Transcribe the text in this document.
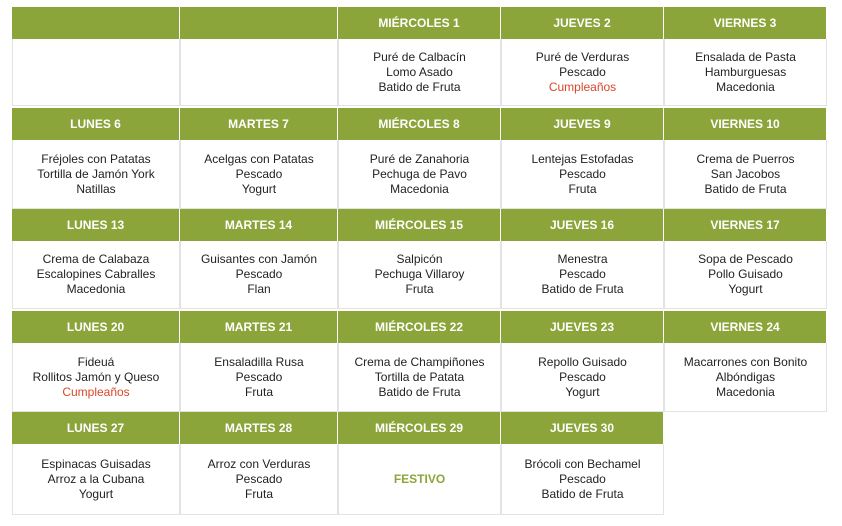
MIÉRCOLES 1
Puré de Calbacín
Lomo Asado
Batido de Fruta
JUEVES 2
Puré de Verduras
Pescado
Cumpleaños
VIERNES 3
Ensalada de Pasta
Hamburguesas
Macedonia
LUNES 6
Fréjoles con Patatas
Tortilla de Jamón York
Natillas
MARTES 7
Acelgas con Patatas
Pescado
Yogurt
MIÉRCOLES 8
Puré de Zanahoria
Pechuga de Pavo
Macedonia
JUEVES 9
Lentejas Estofadas
Pescado
Fruta
VIERNES 10
Crema de Puerros
San Jacobos
Batido de Fruta
LUNES 13
Crema de Calabaza
Escalopines Cabralles
Macedonia
MARTES 14
Guisantes con Jamón
Pescado
Flan
MIÉRCOLES 15
Salpicón
Pechuga Villaroy
Fruta
JUEVES 16
Menestra
Pescado
Batido de Fruta
VIERNES 17
Sopa de Pescado
Pollo Guisado
Yogurt
LUNES 20
Fideuá
Rollitos Jamón y Queso
Cumpleaños
MARTES 21
Ensaladilla Rusa
Pescado
Fruta
MIÉRCOLES 22
Crema de Champiñones
Tortilla de Patata
Batido de Fruta
JUEVES 23
Repollo Guisado
Pescado
Yogurt
VIERNES 24
Macarrones con Bonito
Albóndigas
Macedonia
LUNES 27
Espinacas Guisadas
Arroz a la Cubana
Yogurt
MARTES 28
Arroz con Verduras
Pescado
Fruta
MIÉRCOLES 29
FESTIVO
JUEVES 30
Brócoli con Bechamel
Pescado
Batido de Fruta
